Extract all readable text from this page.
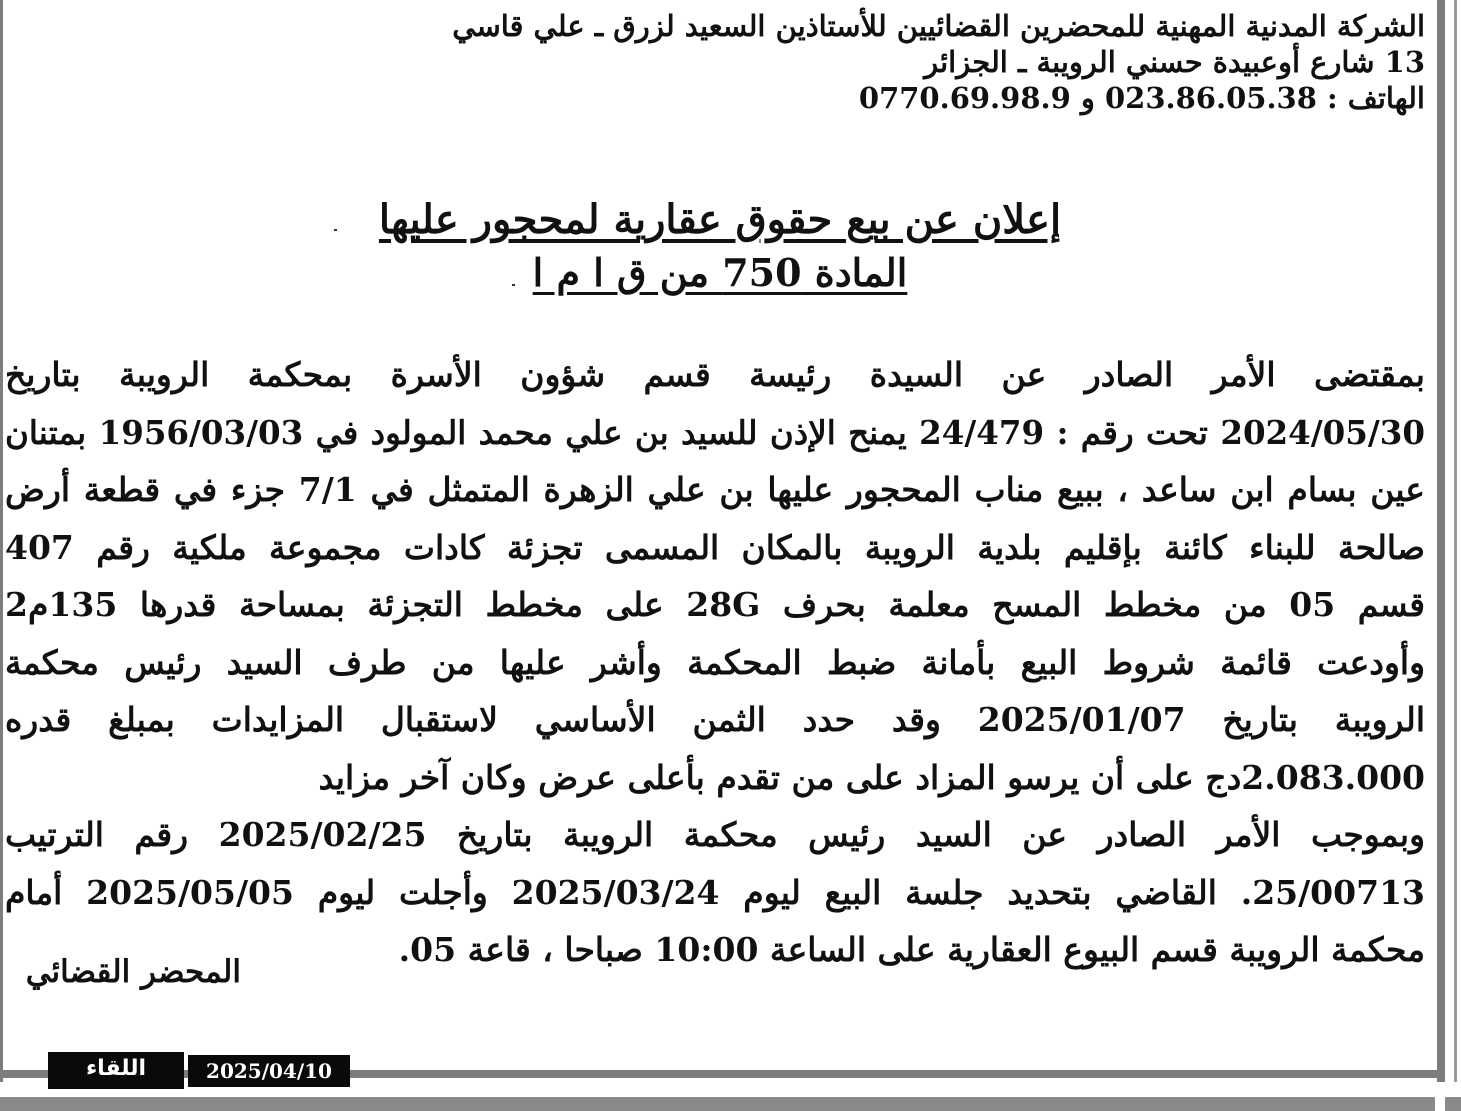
الشركة المدنية المهنية للمحضرين القضائيين للأستاذين السعيد لزرق ـ علي قاسي
13 شارع أوعبيدة حسني الرويبة ـ الجزائر
الهاتف : 023.86.05.38 و 0770.69.98.9
إعلان عن بيع حقوق عقارية لمحجور عليها
المادة 750 من ق ا م ا
بمقتضى الأمر الصادر عن السيدة رئيسة قسم شؤون الأسرة بمحكمة الرويبة بتاريخ
2024/05/30 تحت رقم : 24/479 يمنح الإذن للسيد بن علي محمد المولود في 1956/03/03 بمتنان
عين بسام ابن ساعد ، ببيع مناب المحجور عليها بن علي الزهرة المتمثل في 7/1 جزء في قطعة أرض
صالحة للبناء كائنة بإقليم بلدية الرويبة بالمكان المسمى تجزئة كادات مجموعة ملكية رقم 407
قسم 05 من مخطط المسح معلمة بحرف 28G على مخطط التجزئة بمساحة قدرها 135م2
وأودعت قائمة شروط البيع بأمانة ضبط المحكمة وأشر عليها من طرف السيد رئيس محكمة
الرويبة بتاريخ 2025/01/07 وقد حدد الثمن الأساسي لاستقبال المزايدات بمبلغ قدره
2.083.000دج على أن يرسو المزاد على من تقدم بأعلى عرض وكان آخر مزايد
وبموجب الأمر الصادر عن السيد رئيس محكمة الرويبة بتاريخ 2025/02/25 رقم الترتيب
25/00713. القاضي بتحديد جلسة البيع ليوم 2025/03/24 وأجلت ليوم 2025/05/05 أمام
محكمة الرويبة قسم البيوع العقارية على الساعة 10:00 صباحا ، قاعة 05.
المحضر القضائي
اللقاء	2025/04/10
